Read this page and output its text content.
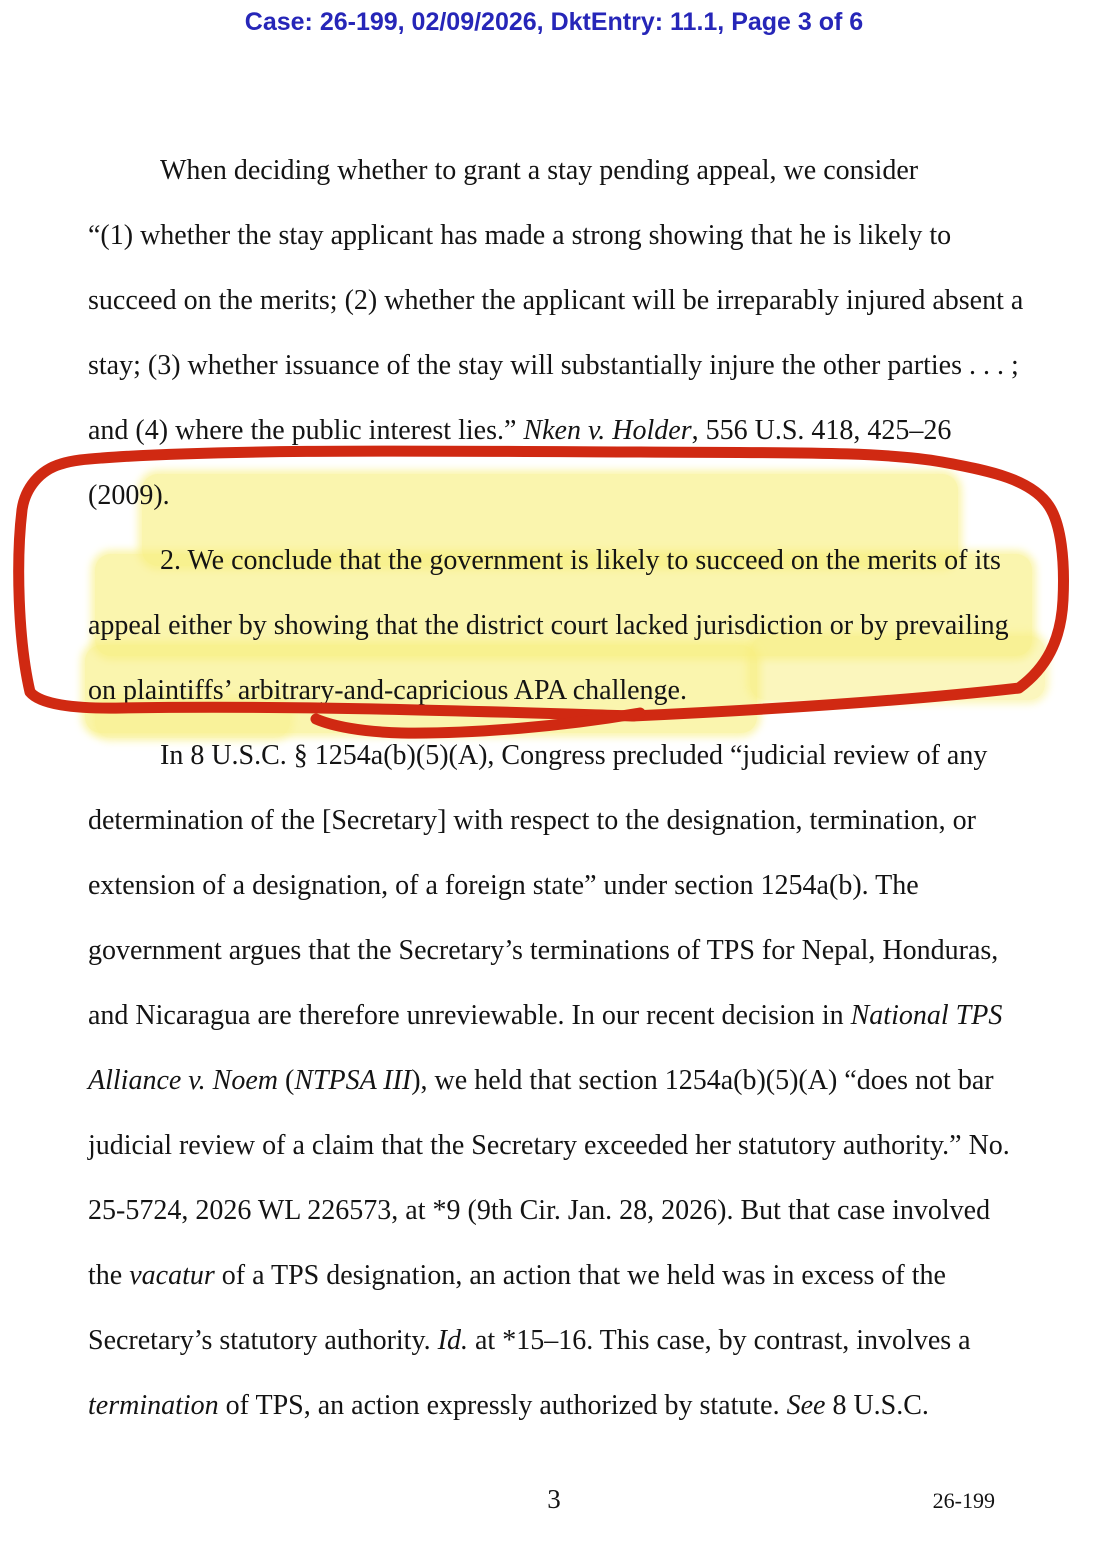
Case: 26-199, 02/09/2026, DktEntry: 11.1, Page 3 of 6
When deciding whether to grant a stay pending appeal, we consider
“(1) whether the stay applicant has made a strong showing that he is likely to
succeed on the merits; (2) whether the applicant will be irreparably injured absent a
stay; (3) whether issuance of the stay will substantially injure the other parties . . . ;
and (4) where the public interest lies.” Nken v. Holder, 556 U.S. 418, 425–26
(2009).
2. We conclude that the government is likely to succeed on the merits of its
appeal either by showing that the district court lacked jurisdiction or by prevailing
on plaintiffs’ arbitrary-and-capricious APA challenge.
In 8 U.S.C. § 1254a(b)(5)(A), Congress precluded “judicial review of any
determination of the [Secretary] with respect to the designation, termination, or
extension of a designation, of a foreign state” under section 1254a(b). The
government argues that the Secretary’s terminations of TPS for Nepal, Honduras,
and Nicaragua are therefore unreviewable. In our recent decision in National TPS
Alliance v. Noem (NTPSA III), we held that section 1254a(b)(5)(A) “does not bar
judicial review of a claim that the Secretary exceeded her statutory authority.” No.
25-5724, 2026 WL 226573, at *9 (9th Cir. Jan. 28, 2026). But that case involved
the vacatur of a TPS designation, an action that we held was in excess of the
Secretary’s statutory authority. Id. at *15–16. This case, by contrast, involves a
termination of TPS, an action expressly authorized by statute. See 8 U.S.C.
3	26-199
